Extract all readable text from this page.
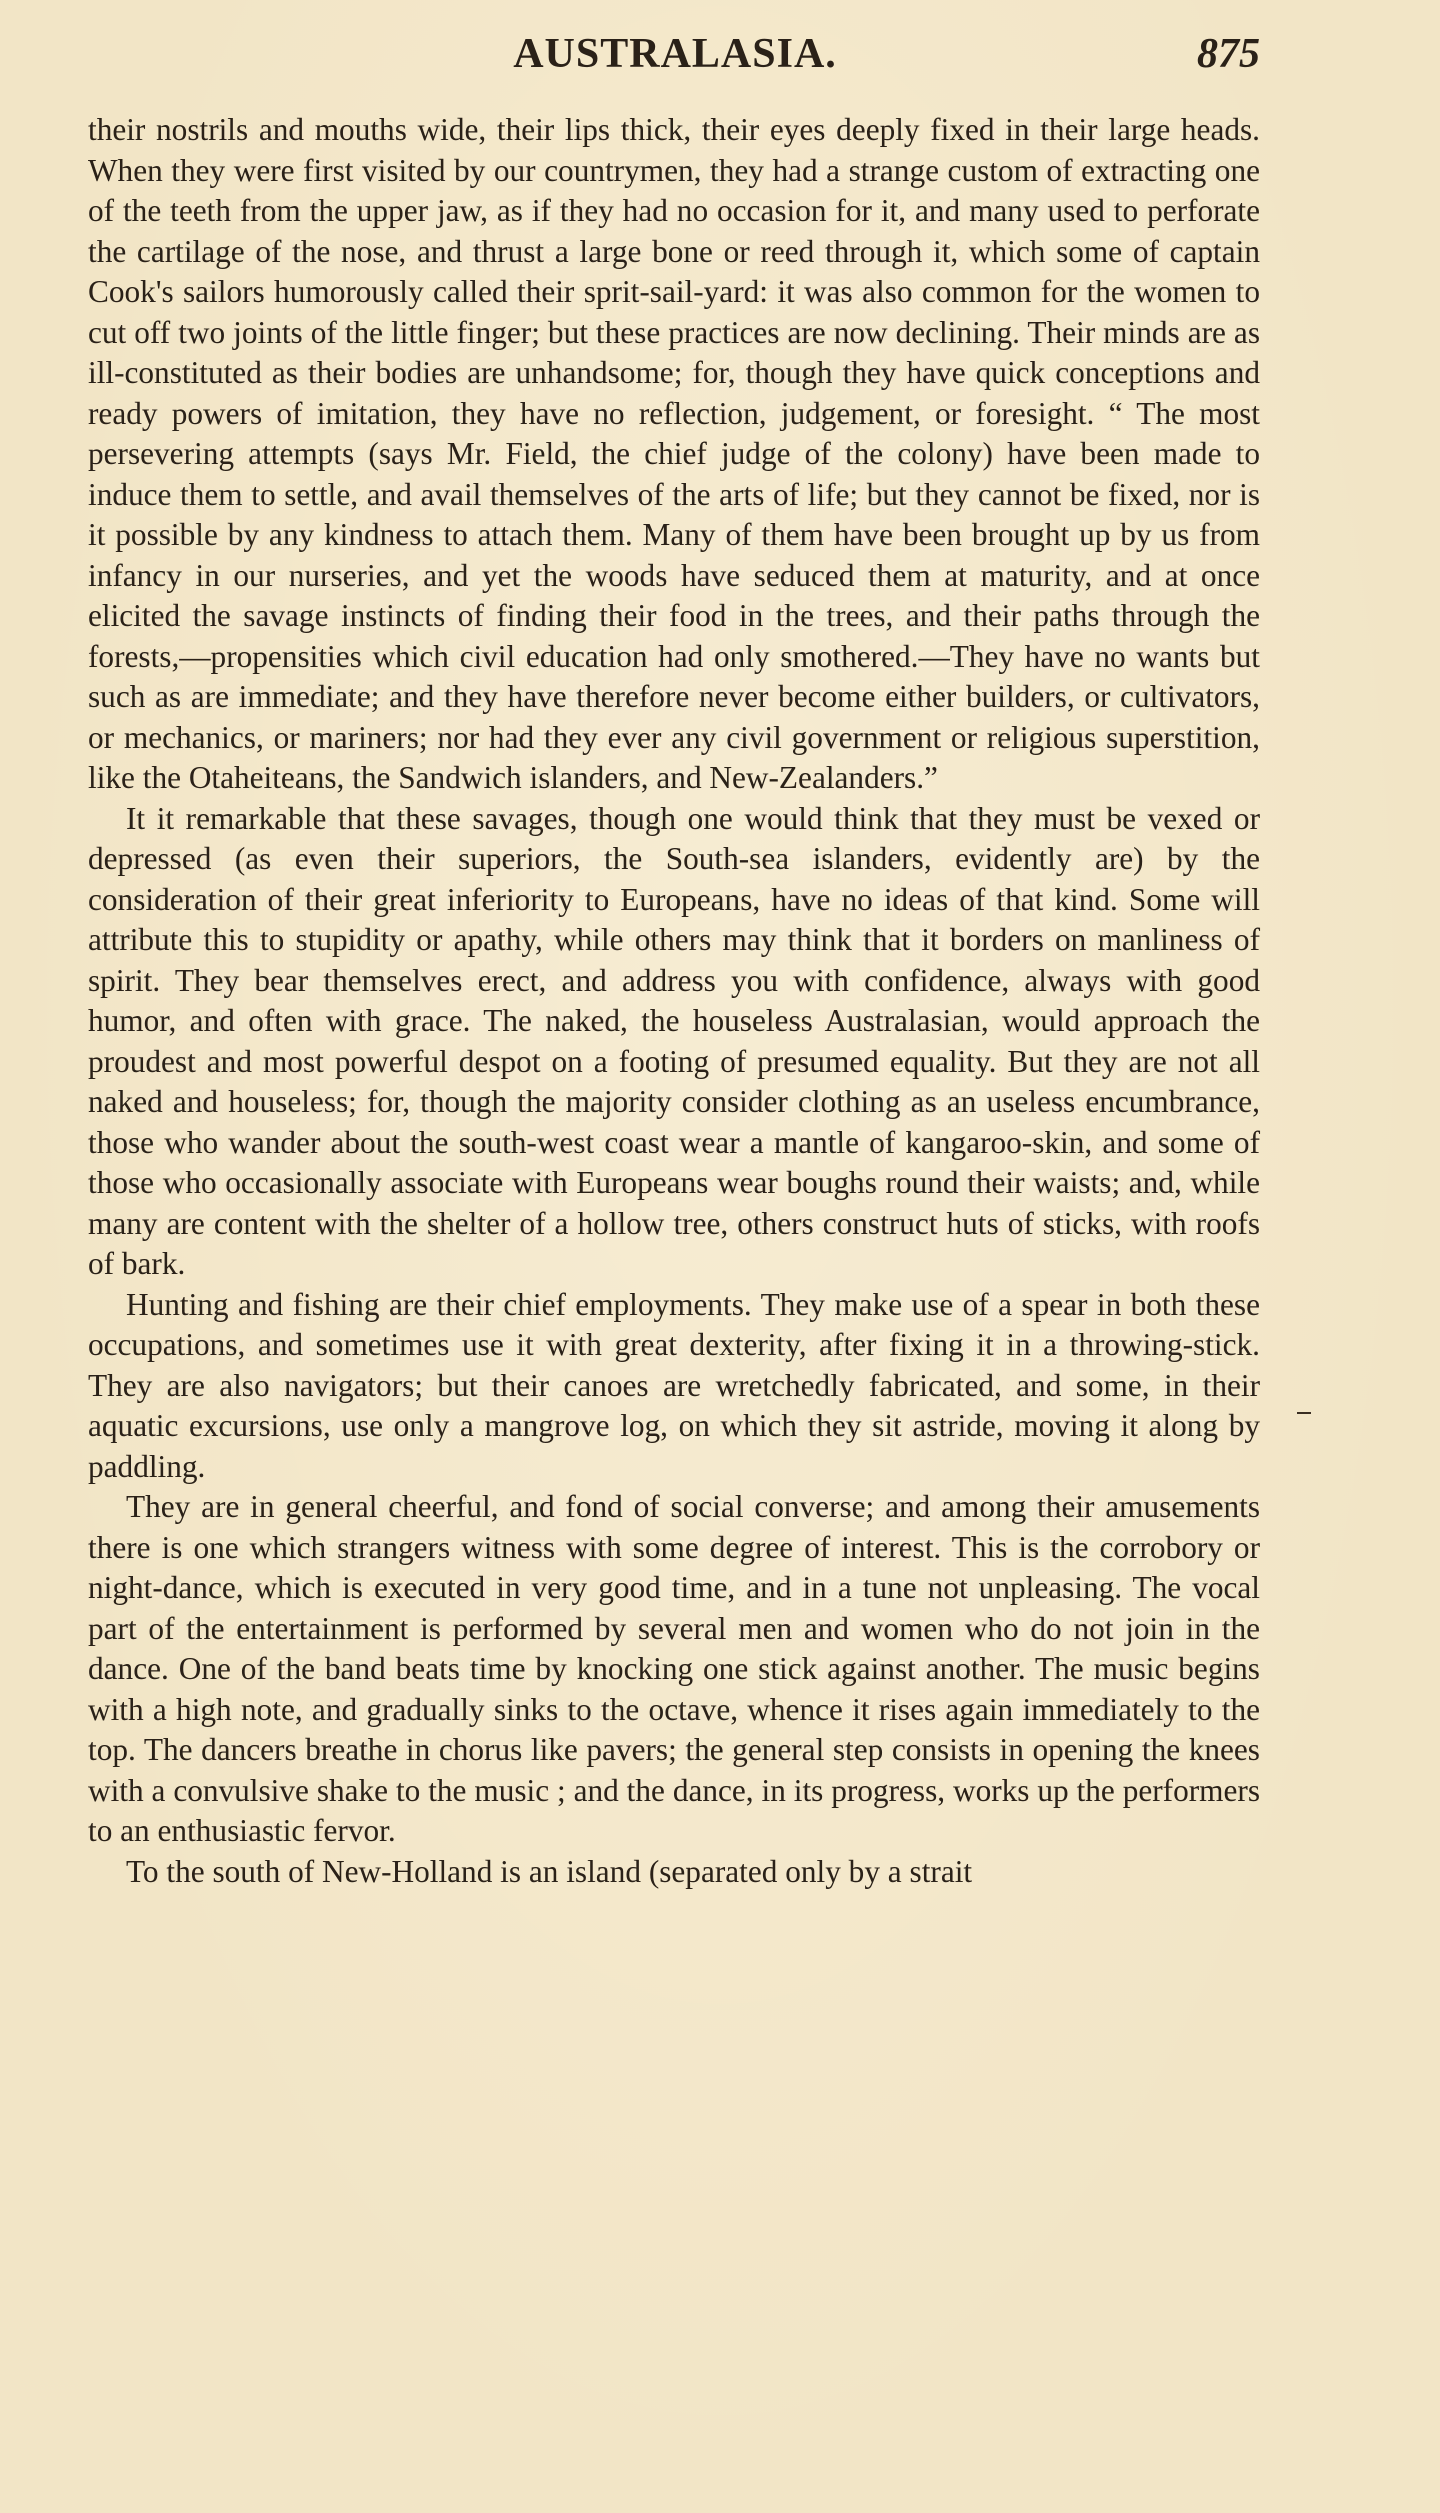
AUSTRALASIA.	875

their nostrils and mouths wide, their lips thick, their eyes deeply fixed in their large heads. When they were first visited by our countrymen, they had a strange custom of extracting one of the teeth from the upper jaw, as if they had no occasion for it, and many used to perforate the cartilage of the nose, and thrust a large bone or reed through it, which some of captain Cook's sailors humorously called their sprit-sail-yard: it was also common for the women to cut off two joints of the little finger; but these practices are now declining. Their minds are as ill-constituted as their bodies are unhandsome; for, though they have quick conceptions and ready powers of imitation, they have no reflection, judgement, or foresight. “ The most persevering attempts (says Mr. Field, the chief judge of the colony) have been made to induce them to settle, and avail themselves of the arts of life; but they cannot be fixed, nor is it possible by any kindness to attach them. Many of them have been brought up by us from infancy in our nurseries, and yet the woods have seduced them at maturity, and at once elicited the savage instincts of finding their food in the trees, and their paths through the forests,—propensities which civil education had only smothered.—They have no wants but such as are immediate; and they have therefore never become either builders, or cultivators, or mechanics, or mariners; nor had they ever any civil government or religious superstition, like the Otaheiteans, the Sandwich islanders, and New-Zealanders.”

It it remarkable that these savages, though one would think that they must be vexed or depressed (as even their superiors, the South-sea islanders, evidently are) by the consideration of their great inferiority to Europeans, have no ideas of that kind. Some will attribute this to stupidity or apathy, while others may think that it borders on manliness of spirit. They bear themselves erect, and address you with confidence, always with good humor, and often with grace. The naked, the houseless Australasian, would approach the proudest and most powerful despot on a footing of presumed equality. But they are not all naked and houseless; for, though the majority consider clothing as an useless encumbrance, those who wander about the south-west coast wear a mantle of kangaroo-skin, and some of those who occasionally associate with Europeans wear boughs round their waists; and, while many are content with the shelter of a hollow tree, others construct huts of sticks, with roofs of bark.

Hunting and fishing are their chief employments. They make use of a spear in both these occupations, and sometimes use it with great dexterity, after fixing it in a throwing-stick. They are also navigators; but their canoes are wretchedly fabricated, and some, in their aquatic excursions, use only a mangrove log, on which they sit astride, moving it along by paddling.

They are in general cheerful, and fond of social converse; and among their amusements there is one which strangers witness with some degree of interest. This is the corrobory or night-dance, which is executed in very good time, and in a tune not unpleasing. The vocal part of the entertainment is performed by several men and women who do not join in the dance. One of the band beats time by knocking one stick against another. The music begins with a high note, and gradually sinks to the octave, whence it rises again immediately to the top. The dancers breathe in chorus like pavers; the general step consists in opening the knees with a convulsive shake to the music ; and the dance, in its progress, works up the performers to an enthusiastic fervor.

To the south of New-Holland is an island (separated only by a strait
